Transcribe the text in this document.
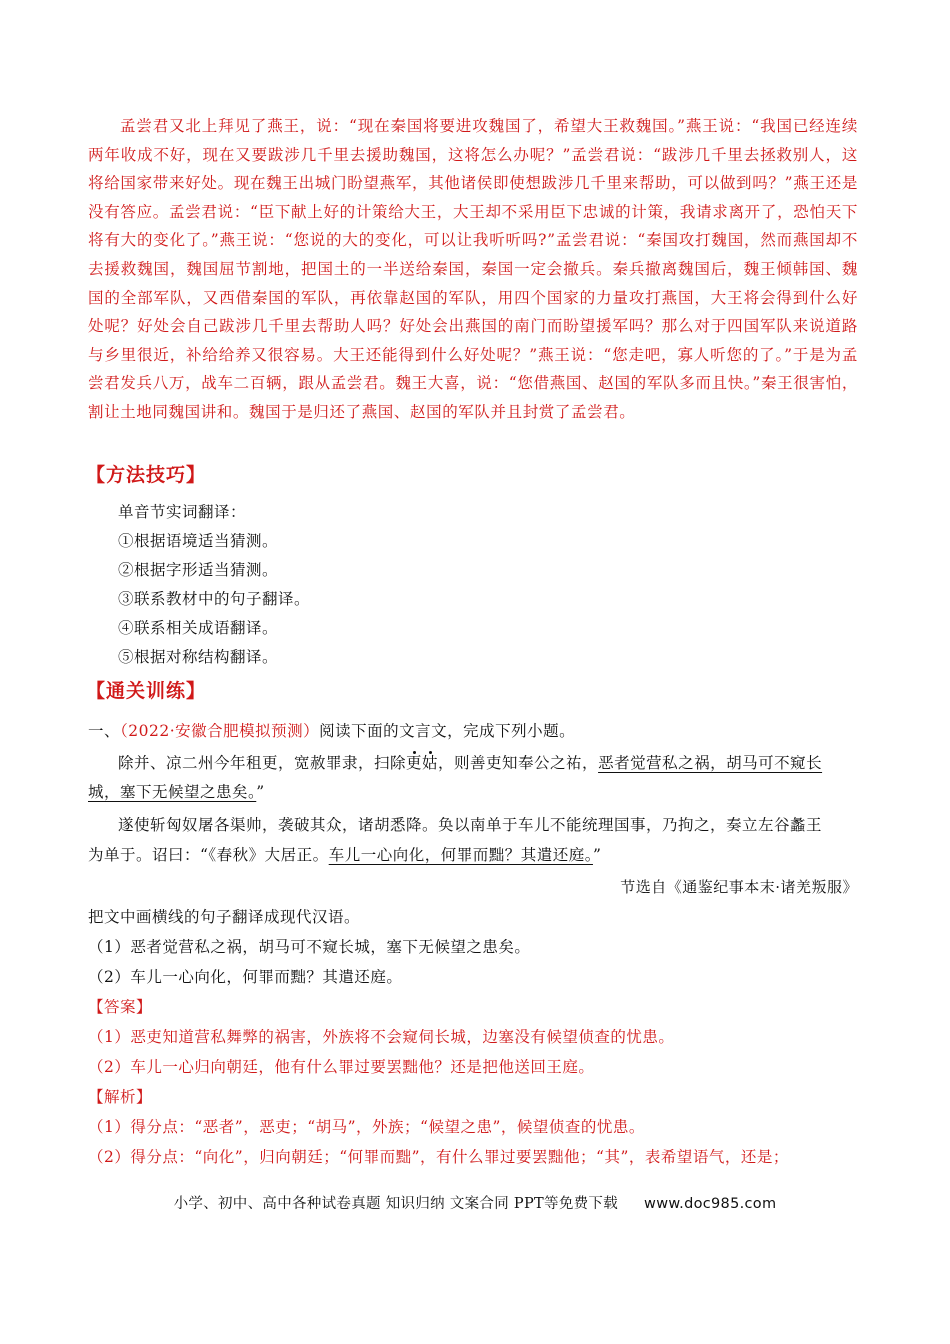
孟尝君又北上拜见了燕王，说：“现在秦国将要进攻魏国了，希望大王救魏国。”燕王说：“我国已经连续两年收成不好，现在又要跋涉几千里去援助魏国，这将怎么办呢？”孟尝君说：“跋涉几千里去拯救别人，这将给国家带来好处。现在魏王出城门盼望燕军，其他诸侯即使想跋涉几千里来帮助，可以做到吗？”燕王还是没有答应。孟尝君说：“臣下献上好的计策给大王，大王却不采用臣下忠诚的计策，我请求离开了，恐怕天下将有大的变化了。”燕王说：“您说的大的变化，可以让我听听吗?”孟尝君说：“秦国攻打魏国，然而燕国却不去援救魏国，魏国屈节割地，把国土的一半送给秦国，秦国一定会撤兵。秦兵撤离魏国后，魏王倾韩国、魏国的全部军队，又西借秦国的军队，再依靠赵国的军队，用四个国家的力量攻打燕国，大王将会得到什么好处呢？好处会自己跋涉几千里去帮助人吗？好处会出燕国的南门而盼望援军吗？那么对于四国军队来说道路与乡里很近，补给给养又很容易。大王还能得到什么好处呢？”燕王说：“您走吧，寡人听您的了。”于是为孟尝君发兵八万，战车二百辆，跟从孟尝君。魏王大喜，说：“您借燕国、赵国的军队多而且快。”秦王很害怕，割让土地同魏国讲和。魏国于是归还了燕国、赵国的军队并且封赏了孟尝君。

【方法技巧】

单音节实词翻译：

①根据语境适当猜测。

②根据字形适当猜测。

③联系教材中的句子翻译。

④联系相关成语翻译。

⑤根据对称结构翻译。

【通关训练】

一、（2022·安徽合肥模拟预测）阅读下面的文言文，完成下列小题。

除并、凉二州今年租更，宽赦罪隶，扫除更姑，则善吏知奉公之祐，恶者觉营私之祸，胡马可不窥长

城，塞下无候望之患矣。”

遂使斩匈奴屠各渠帅，袭破其众，诸胡悉降。奂以南单于车儿不能统理国事，乃拘之，奏立左谷蠡王

为单于。诏曰：“《春秋》大居正。车儿一心向化，何罪而黜？其遣还庭。”

节选自《通鉴纪事本末·诸羌叛服》

把文中画横线的句子翻译成现代汉语。

（1）恶者觉营私之祸，胡马可不窥长城，塞下无候望之患矣。

（2）车儿一心向化，何罪而黜？其遣还庭。

【答案】

（1）恶吏知道营私舞弊的祸害，外族将不会窥伺长城，边塞没有候望侦查的忧患。

（2）车儿一心归向朝廷，他有什么罪过要罢黜他？还是把他送回王庭。

【解析】

（1）得分点：“恶者”，恶吏；“胡马”，外族；“候望之患”，候望侦查的忧患。

（2）得分点：“向化”，归向朝廷；“何罪而黜”，有什么罪过要罢黜他；“其”，表希望语气，还是；

小学、初中、高中各种试卷真题 知识归纳 文案合同 PPT等免费下载 www.doc985.com
